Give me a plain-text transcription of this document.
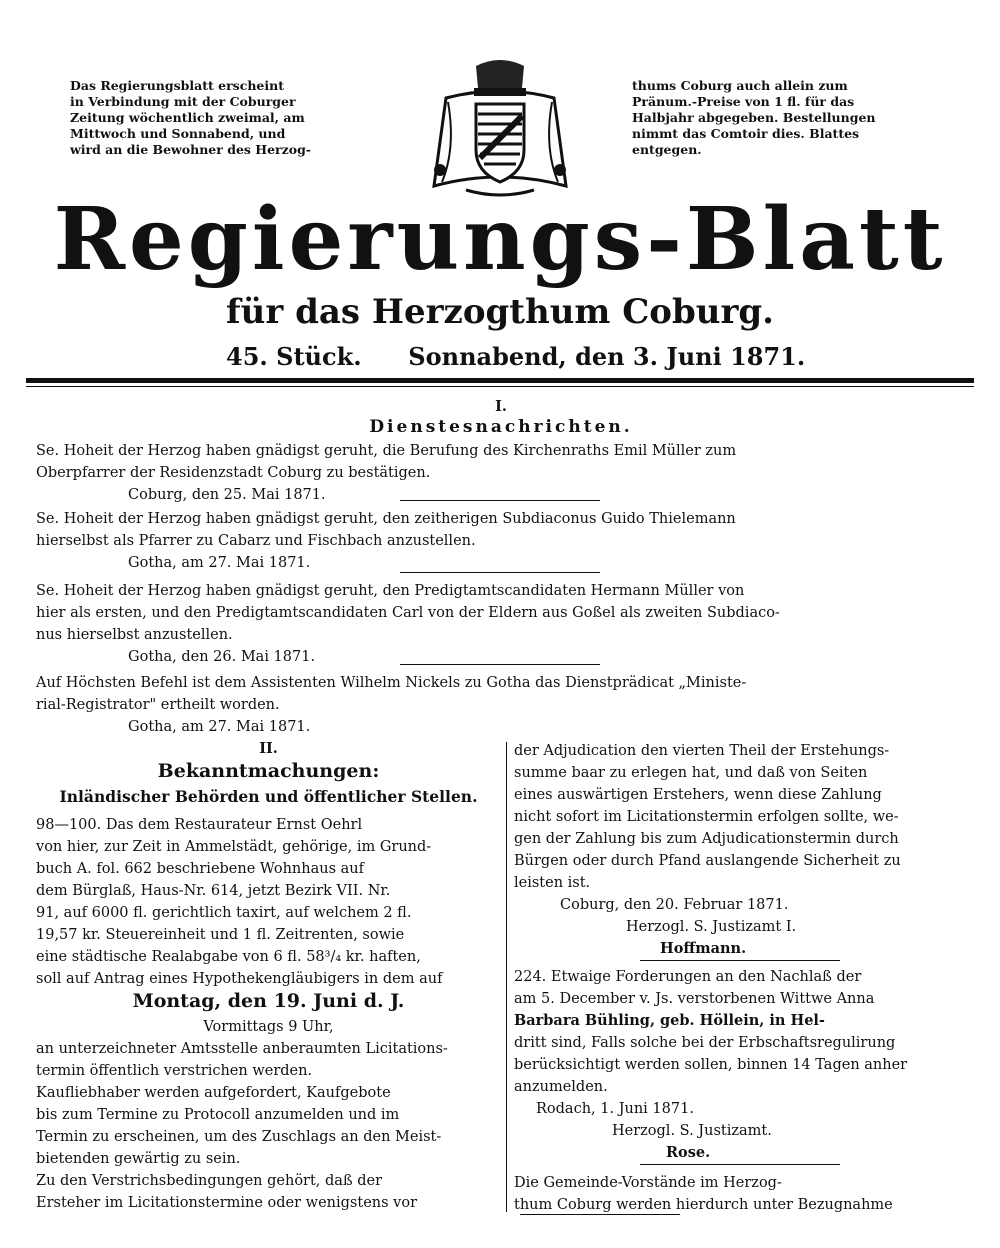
Das Regierungsblatt erscheint
in Verbindung mit der Coburger
Zeitung wöchentlich zweimal, am
Mittwoch und Sonnabend, und
wird an die Bewohner des Herzog-
thums Coburg auch allein zum
Pränum.-Preise von 1 fl. für das
Halbjahr abgegeben. Bestellungen
nimmt das Comtoir dies. Blattes
entgegen.
Regierungs-Blatt
für das Herzogthum Coburg.
45. Stück. Sonnabend, den 3. Juni 1871.
I.
Dienstesnachrichten.
Se. Hoheit der Herzog haben gnädigst geruht, die Berufung des Kirchenraths Emil Müller zum
Oberpfarrer der Residenzstadt Coburg zu bestätigen.
Coburg, den 25. Mai 1871.
Se. Hoheit der Herzog haben gnädigst geruht, den zeitherigen Subdiaconus Guido Thielemann
hierselbst als Pfarrer zu Cabarz und Fischbach anzustellen.
Gotha, am 27. Mai 1871.
Se. Hoheit der Herzog haben gnädigst geruht, den Predigtamtscandidaten Hermann Müller von
hier als ersten, und den Predigtamtscandidaten Carl von der Eldern aus Goßel als zweiten Subdiaco-
nus hierselbst anzustellen.
Gotha, den 26. Mai 1871.
Auf Höchsten Befehl ist dem Assistenten Wilhelm Nickels zu Gotha das Dienstprädicat „Ministe-
rial-Registrator" ertheilt worden.
Gotha, am 27. Mai 1871.
II.
Bekanntmachungen:
Inländischer Behörden und öffentlicher Stellen.
98—100. Das dem Restaurateur Ernst Oehrl
von hier, zur Zeit in Ammelstädt, gehörige, im Grund-
buch A. fol. 662 beschriebene Wohnhaus auf
dem Bürglaß, Haus-Nr. 614, jetzt Bezirk VII. Nr.
91, auf 6000 fl. gerichtlich taxirt, auf welchem 2 fl.
19,57 kr. Steuereinheit und 1 fl. Zeitrenten, sowie
eine städtische Realabgabe von 6 fl. 58³/₄ kr. haften,
soll auf Antrag eines Hypothekengläubigers in dem auf
Montag, den 19. Juni d. J.
Vormittags 9 Uhr,
an unterzeichneter Amtsstelle anberaumten Licitations-
termin öffentlich verstrichen werden.
Kaufliebhaber werden aufgefordert, Kaufgebote
bis zum Termine zu Protocoll anzumelden und im
Termin zu erscheinen, um des Zuschlags an den Meist-
bietenden gewärtig zu sein.
Zu den Verstrichsbedingungen gehört, daß der
Ersteher im Licitationstermine oder wenigstens vor
der Adjudication den vierten Theil der Erstehungs-
summe baar zu erlegen hat, und daß von Seiten
eines auswärtigen Erstehers, wenn diese Zahlung
nicht sofort im Licitationstermin erfolgen sollte, we-
gen der Zahlung bis zum Adjudicationstermin durch
Bürgen oder durch Pfand auslangende Sicherheit zu
leisten ist.
Coburg, den 20. Februar 1871.
Herzogl. S. Justizamt I.
Hoffmann.
224. Etwaige Forderungen an den Nachlaß der
am 5. December v. Js. verstorbenen Wittwe Anna
Barbara Bühling, geb. Höllein, in Hel-
dritt sind, Falls solche bei der Erbschaftsregulirung
berücksichtigt werden sollen, binnen 14 Tagen anher
anzumelden.
Rodach, 1. Juni 1871.
Herzogl. S. Justizamt.
Rose.
Die Gemeinde-Vorstände im Herzog-
thum Coburg werden hierdurch unter Bezugnahme
